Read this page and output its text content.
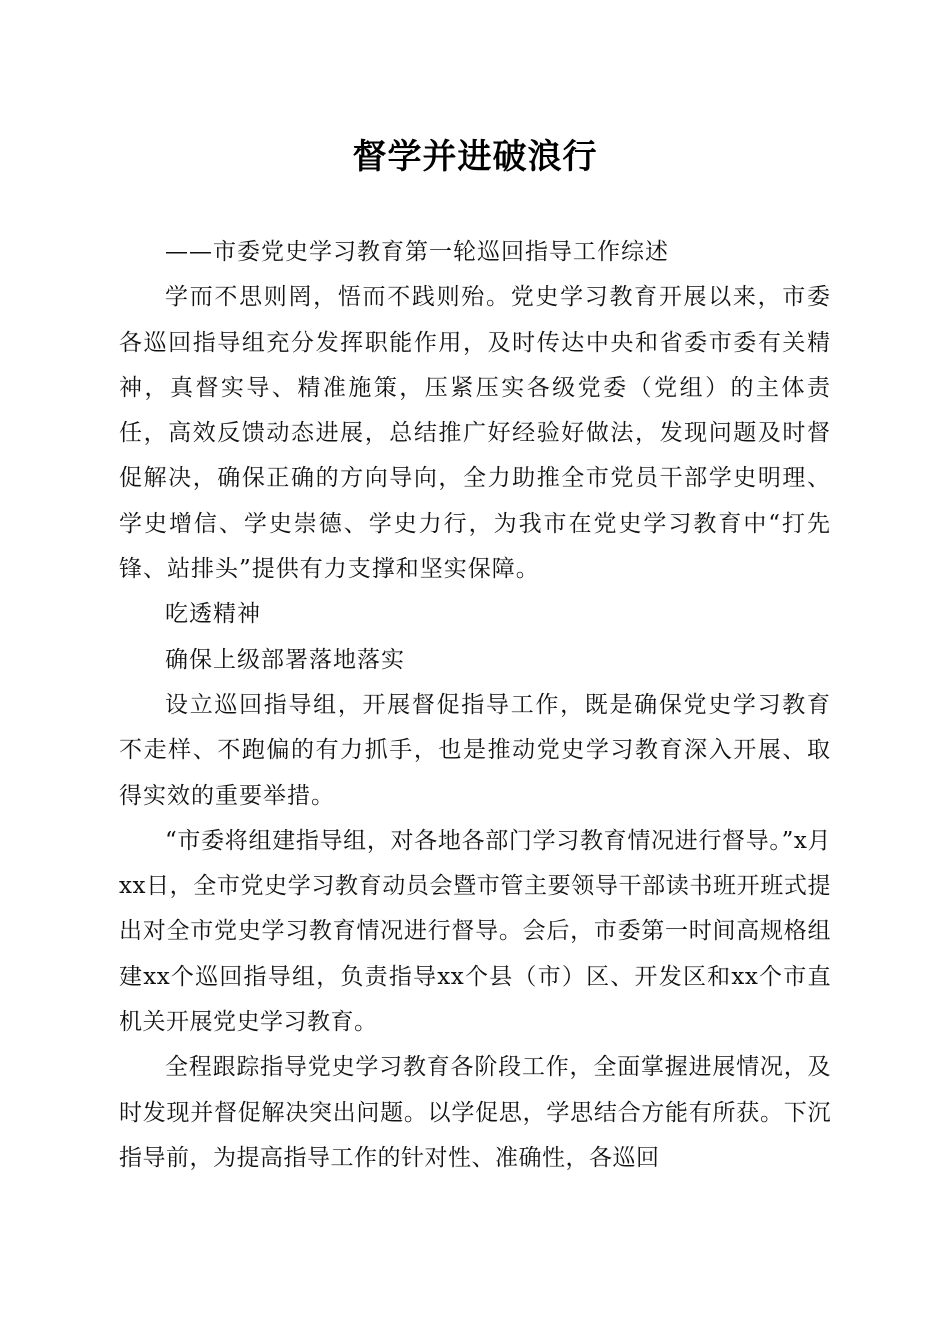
督学并进破浪行

——市委党史学习教育第一轮巡回指导工作综述

学而不思则罔，悟而不践则殆。党史学习教育开展以来，市委各巡回指导组充分发挥职能作用，及时传达中央和省委市委有关精神，真督实导、精准施策，压紧压实各级党委（党组）的主体责任，高效反馈动态进展，总结推广好经验好做法，发现问题及时督促解决，确保正确的方向导向，全力助推全市党员干部学史明理、学史增信、学史崇德、学史力行，为我市在党史学习教育中“打先锋、站排头”提供有力支撑和坚实保障。

吃透精神

确保上级部署落地落实

设立巡回指导组，开展督促指导工作，既是确保党史学习教育不走样、不跑偏的有力抓手，也是推动党史学习教育深入开展、取得实效的重要举措。

“市委将组建指导组，对各地各部门学习教育情况进行督导。”x月xx日，全市党史学习教育动员会暨市管主要领导干部读书班开班式提出对全市党史学习教育情况进行督导。会后，市委第一时间高规格组建xx个巡回指导组，负责指导xx个县（市）区、开发区和xx个市直机关开展党史学习教育。

全程跟踪指导党史学习教育各阶段工作，全面掌握进展情况，及时发现并督促解决突出问题。以学促思，学思结合方能有所获。下沉指导前，为提高指导工作的针对性、准确性，各巡回
